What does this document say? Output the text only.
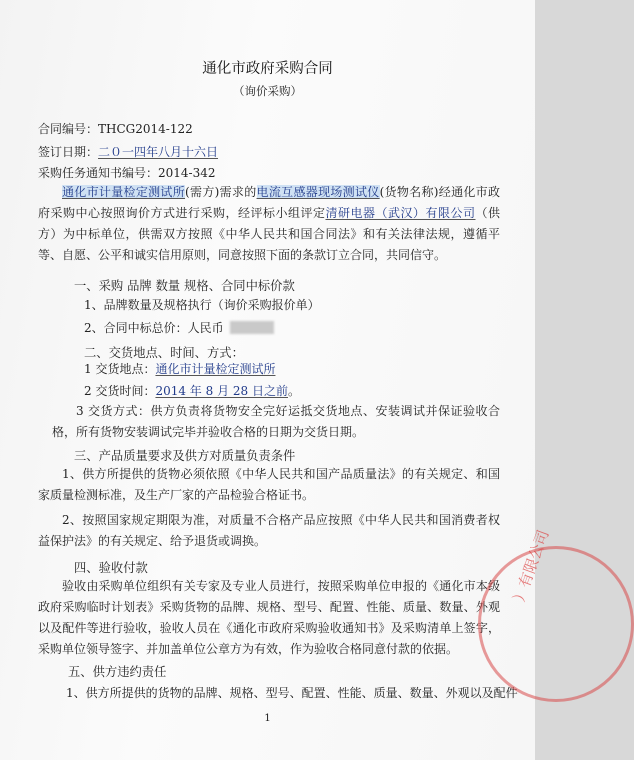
通化市政府采购合同
（询价采购）
合同编号：THCG2014-122
签订日期：二０一四年八月十六日
采购任务通知书编号：2014-342
通化市计量检定测试所(需方)需求的电流互感器现场测试仪(货物名称)经通化市政府采购中心按照询价方式进行采购，经评标小组评定清研电器（武汉）有限公司（供方）为中标单位，供需双方按照《中华人民共和国合同法》和有关法律法规，遵循平等、自愿、公平和诚实信用原则，同意按照下面的条款订立合同，共同信守。
一、采购 品牌 数量 规格、合同中标价款
1、品牌数量及规格执行（询价采购报价单）
2、合同中标总价：人民币
二、交货地点、时间、方式：
1 交货地点：通化市计量检定测试所
2 交货时间：2014 年 8 月 28 日之前。
3 交货方式：供方负责将货物安全完好运抵交货地点、安装调试并保证验收合格，所有货物安装调试完毕并验收合格的日期为交货日期。
三、产品质量要求及供方对质量负责条件
1、供方所提供的货物必须依照《中华人民共和国产品质量法》的有关规定、和国家质量检测标准，及生产厂家的产品检验合格证书。
2、按照国家规定期限为准，对质量不合格产品应按照《中华人民共和国消费者权益保护法》的有关规定、给予退货或调换。
四、验收付款
验收由采购单位组织有关专家及专业人员进行，按照采购单位申报的《通化市本级政府采购临时计划表》采购货物的品牌、规格、型号、配置、性能、质量、数量、外观以及配件等进行验收，验收人员在《通化市政府采购验收通知书》及采购清单上签字，采购单位领导签字、并加盖单位公章方为有效，作为验收合格同意付款的依据。
五、供方违约责任
1、供方所提供的货物的品牌、规格、型号、配置、性能、质量、数量、外观以及配件
）有限公司
1
